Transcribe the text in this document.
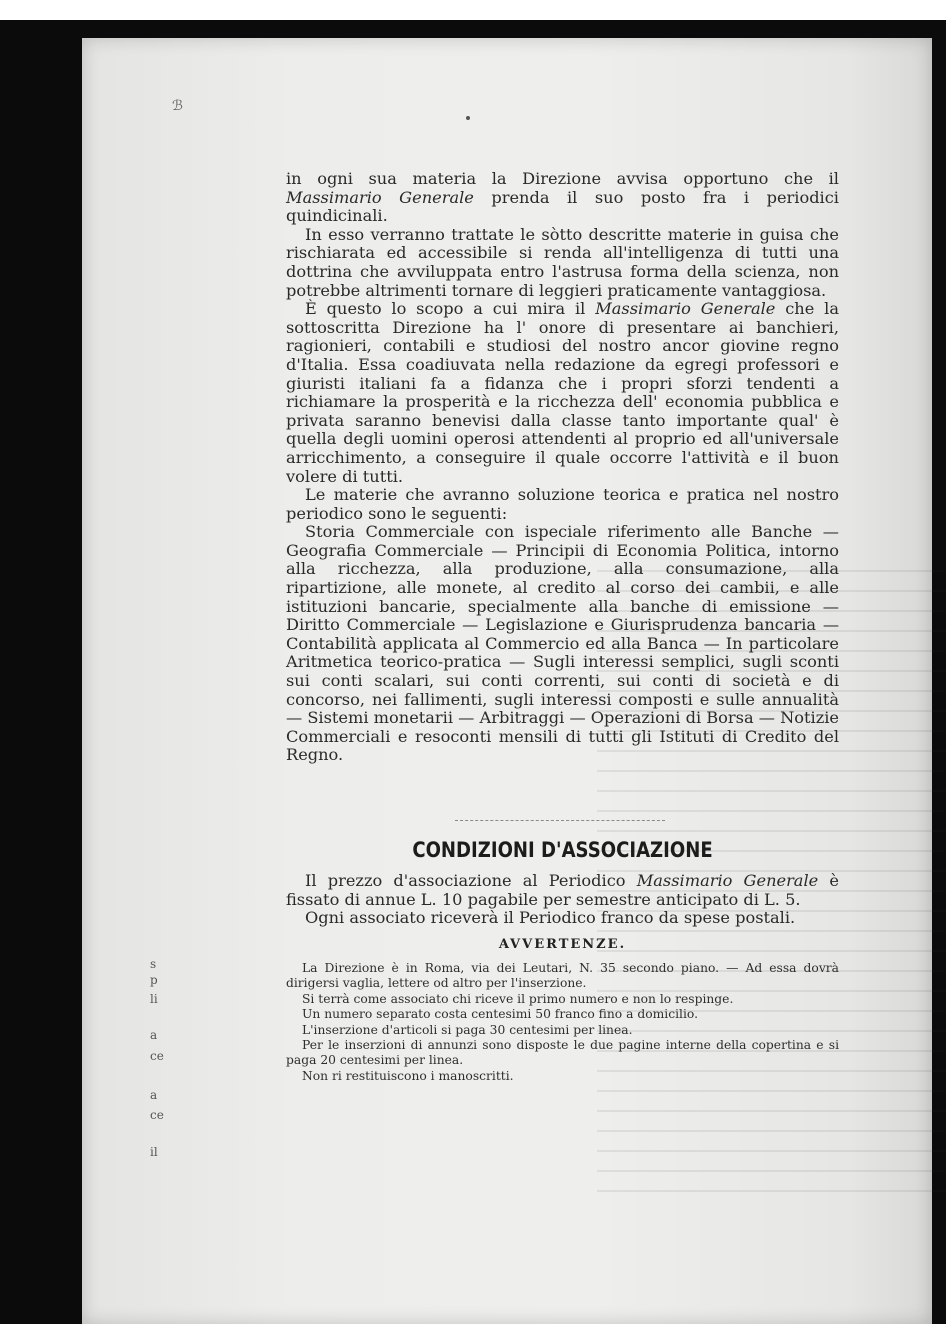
ℬ
s
p
li
a
ce
a
ce
il

in ogni sua materia la Direzione avvisa opportuno che il Massimario Generale prenda il suo posto fra i periodici quindicinali.

In esso verranno trattate le sòtto descritte materie in guisa che rischiarata ed accessibile si renda all'intelligenza di tutti una dottrina che avviluppata entro l'astrusa forma della scienza, non potrebbe altrimenti tornare di leggieri praticamente vantaggiosa.

È questo lo scopo a cui mira il Massimario Generale che la sottoscritta Direzione ha l' onore di presentare ai banchieri, ragionieri, contabili e studiosi del nostro ancor giovine regno d'Italia. Essa coadiuvata nella redazione da egregi professori e giuristi italiani fa a fidanza che i propri sforzi tendenti a richiamare la prosperità e la ricchezza dell' economia pubblica e privata saranno benevisi dalla classe tanto importante qual' è quella degli uomini operosi attendenti al proprio ed all'universale arricchimento, a conseguire il quale occorre l'attività e il buon volere di tutti.

Le materie che avranno soluzione teorica e pratica nel nostro periodico sono le seguenti:

Storia Commerciale con ispeciale riferimento alle Banche — Geografia Commerciale — Principii di Economia Politica, intorno alla ricchezza, alla produzione, alla consumazione, alla ripartizione, alle monete, al credito al corso dei cambii, e alle istituzioni bancarie, specialmente alla banche di emissione — Diritto Commerciale — Legislazione e Giurisprudenza bancaria — Contabilità applicata al Commercio ed alla Banca — In particolare Aritmetica teorico-pratica — Sugli interessi semplici, sugli sconti sui conti scalari, sui conti correnti, sui conti di società e di concorso, nei fallimenti, sugli interessi composti e sulle annualità — Sistemi monetarii — Arbitraggi — Operazioni di Borsa — Notizie Commerciali e resoconti mensili di tutti gli Istituti di Credito del Regno.

CONDIZIONI D'ASSOCIAZIONE

Il prezzo d'associazione al Periodico Massimario Generale è fissato di annue L. 10 pagabile per semestre anticipato di L. 5.

Ogni associato riceverà il Periodico franco da spese postali.

AVVERTENZE.

La Direzione è in Roma, via dei Leutari, N. 35 secondo piano. — Ad essa dovrà dirigersi vaglia, lettere od altro per l'inserzione.

Si terrà come associato chi riceve il primo numero e non lo respinge.

Un numero separato costa centesimi 50 franco fino a domicilio.

L'inserzione d'articoli si paga 30 centesimi per linea.

Per le inserzioni di annunzi sono disposte le due pagine interne della copertina e si paga 20 centesimi per linea.

Non ri restituiscono i manoscritti.
